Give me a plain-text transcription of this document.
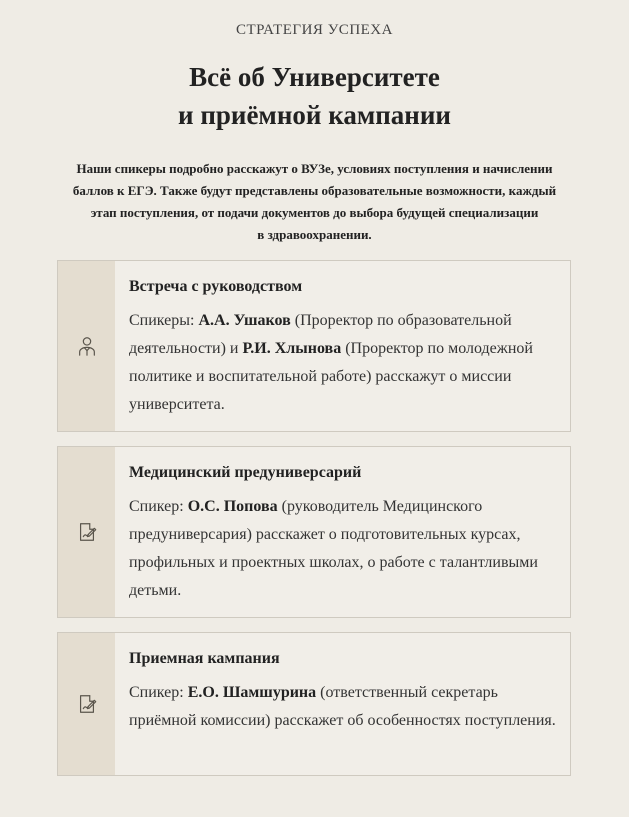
СТРАТЕГИЯ УСПЕХА
Всё об Университете
и приёмной кампании

Наши спикеры подробно расскажут о ВУЗе, условиях поступления и начислении
баллов к ЕГЭ. Также будут представлены образовательные возможности, каждый
этап поступления, от подачи документов до выбора будущей специализации
в здравоохранении.

Встреча с руководством

Спикеры: А.А. Ушаков (Проректор по образовательной деятельности) и Р.И. Хлынова (Проректор по молодежной политике и воспитательной работе) расскажут о миссии университета.

Медицинский предуниверсарий

Спикер: О.С. Попова (руководитель Медицинского предуниверсария) расскажет о подготовительных курсах, профильных и проектных школах, о работе с талантливыми детьми.

Приемная кампания

Спикер: Е.О. Шамшурина (ответственный секретарь приёмной комиссии) расскажет об особенностях поступления.
